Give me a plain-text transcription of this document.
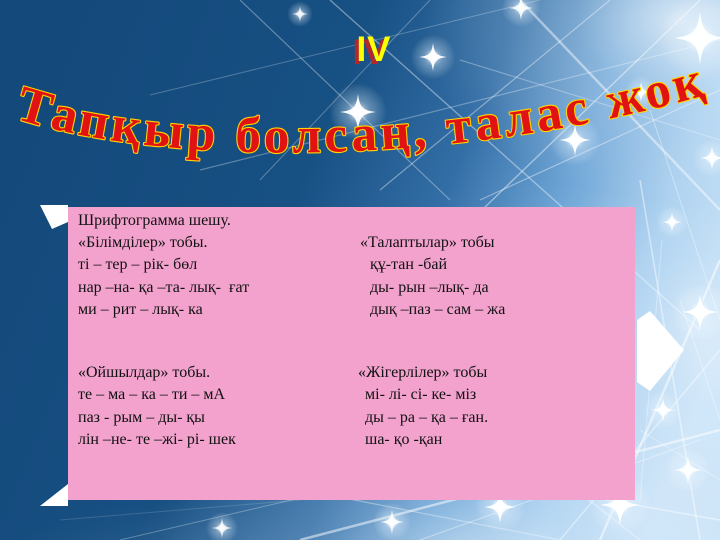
Тапқыр болсаң, талас жоқ
IV
Шрифтограмма шешу.
«Білімділер» тобы.
ті – тер – рік- бөл
нар –на- қа –та- лық-  ғат
ми – рит – лық- ка
«Талаптылар» тобы
құ-тан -бай
ды- рын –лық- да
дық –паз – сам – жа
«Ойшылдар» тобы.
те – ма – ка – ти – мА
паз - рым – ды- қы
лін –не- те –жі- рі- шек
«Жігерлілер» тобы
мі- лі- сі- ке- міз
ды – ра – қа – ған.
ша- қо -қан
